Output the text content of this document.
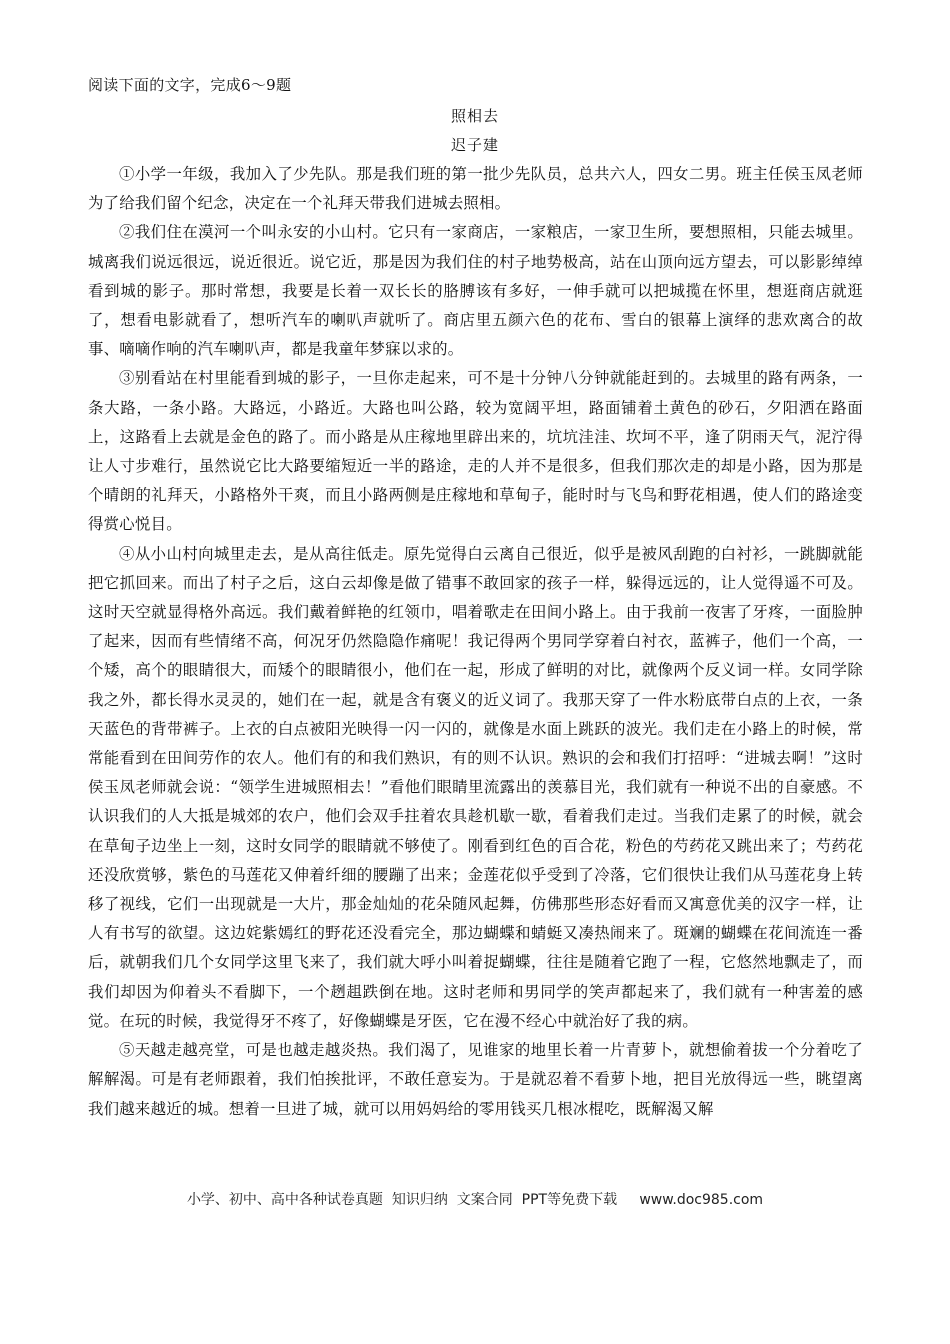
阅读下面的文字，完成6～9题
照相去
迟子建

①小学一年级，我加入了少先队。那是我们班的第一批少先队员，总共六人，四女二男。班主任侯玉凤老师为了给我们留个纪念，决定在一个礼拜天带我们进城去照相。

②我们住在漠河一个叫永安的小山村。它只有一家商店，一家粮店，一家卫生所，要想照相，只能去城里。城离我们说远很远，说近很近。说它近，那是因为我们住的村子地势极高，站在山顶向远方望去，可以影影绰绰看到城的影子。那时常想，我要是长着一双长长的胳膊该有多好，一伸手就可以把城揽在怀里，想逛商店就逛了，想看电影就看了，想听汽车的喇叭声就听了。商店里五颜六色的花布、雪白的银幕上演绎的悲欢离合的故事、嘀嘀作响的汽车喇叭声，都是我童年梦寐以求的。

③别看站在村里能看到城的影子，一旦你走起来，可不是十分钟八分钟就能赶到的。去城里的路有两条，一条大路，一条小路。大路远，小路近。大路也叫公路，较为宽阔平坦，路面铺着土黄色的砂石，夕阳洒在路面上，这路看上去就是金色的路了。而小路是从庄稼地里辟出来的，坑坑洼洼、坎坷不平，逢了阴雨天气，泥泞得让人寸步难行，虽然说它比大路要缩短近一半的路途，走的人并不是很多，但我们那次走的却是小路，因为那是个晴朗的礼拜天，小路格外干爽，而且小路两侧是庄稼地和草甸子，能时时与飞鸟和野花相遇，使人们的路途变得赏心悦目。

④从小山村向城里走去，是从高往低走。原先觉得白云离自己很近，似乎是被风刮跑的白衬衫，一跳脚就能把它抓回来。而出了村子之后，这白云却像是做了错事不敢回家的孩子一样，躲得远远的，让人觉得遥不可及。这时天空就显得格外高远。我们戴着鲜艳的红领巾，唱着歌走在田间小路上。由于我前一夜害了牙疼，一面脸肿了起来，因而有些情绪不高，何况牙仍然隐隐作痛呢！我记得两个男同学穿着白衬衣，蓝裤子，他们一个高，一个矮，高个的眼睛很大，而矮个的眼睛很小，他们在一起，形成了鲜明的对比，就像两个反义词一样。女同学除我之外，都长得水灵灵的，她们在一起，就是含有褒义的近义词了。我那天穿了一件水粉底带白点的上衣，一条天蓝色的背带裤子。上衣的白点被阳光映得一闪一闪的，就像是水面上跳跃的波光。我们走在小路上的时候，常常能看到在田间劳作的农人。他们有的和我们熟识，有的则不认识。熟识的会和我们打招呼：“进城去啊！”这时侯玉凤老师就会说：“领学生进城照相去！”看他们眼睛里流露出的羡慕目光，我们就有一种说不出的自豪感。不认识我们的人大抵是城郊的农户，他们会双手拄着农具趁机歇一歇，看着我们走过。当我们走累了的时候，就会在草甸子边坐上一刻，这时女同学的眼睛就不够使了。刚看到红色的百合花，粉色的芍药花又跳出来了；芍药花还没欣赏够，紫色的马莲花又伸着纤细的腰蹦了出来；金莲花似乎受到了冷落，它们很快让我们从马莲花身上转移了视线，它们一出现就是一大片，那金灿灿的花朵随风起舞，仿佛那些形态好看而又寓意优美的汉字一样，让人有书写的欲望。这边姹紫嫣红的野花还没看完全，那边蝴蝶和蜻蜓又凑热闹来了。斑斓的蝴蝶在花间流连一番后，就朝我们几个女同学这里飞来了，我们就大呼小叫着捉蝴蝶，往往是随着它跑了一程，它悠然地飘走了，而我们却因为仰着头不看脚下，一个趔趄跌倒在地。这时老师和男同学的笑声都起来了，我们就有一种害羞的感觉。在玩的时候，我觉得牙不疼了，好像蝴蝶是牙医，它在漫不经心中就治好了我的病。

⑤天越走越亮堂，可是也越走越炎热。我们渴了，见谁家的地里长着一片青萝卜，就想偷着拔一个分着吃了解解渴。可是有老师跟着，我们怕挨批评，不敢任意妄为。于是就忍着不看萝卜地，把目光放得远一些，眺望离我们越来越近的城。想着一旦进了城，就可以用妈妈给的零用钱买几根冰棍吃，既解渴又解

小学、初中、高中各种试卷真题  知识归纳  文案合同  PPT等免费下载     www.doc985.com
